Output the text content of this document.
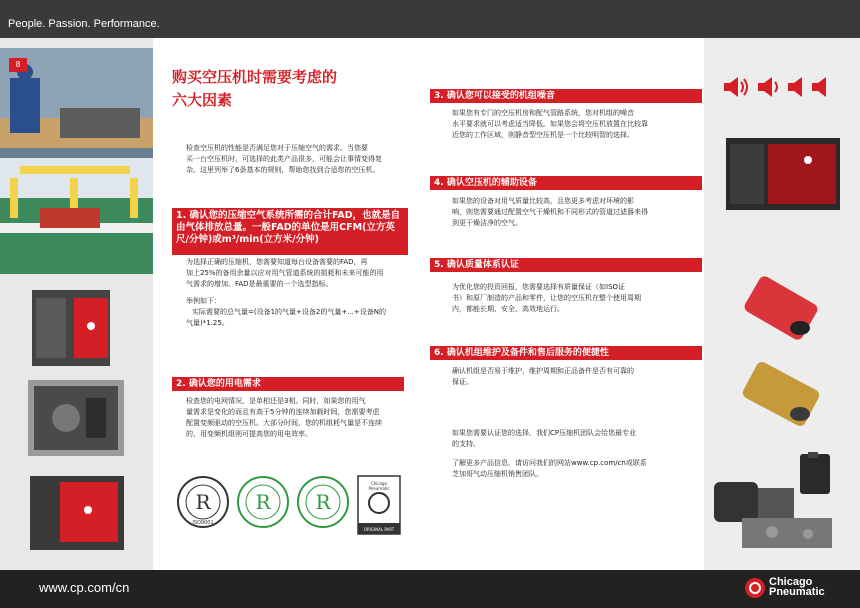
People. Passion. Performance.
8
购买空压机时需要考虑的
六大因素
检查空压机的性能是否满足您对于压缩空气的需求。当您要
买一台空压机时，可选择的此类产品很多，可能会让事情变得复
杂。这里列举了6条基本的规则，帮助您找到合适您的空压机。
1. 确认您的压缩空气系统所需的合计FAD，也就是自
由气体排放总量。一般FAD的单位是用CFM(立方英
尺/分钟)或m³/min(立方米/分钟)
为选择正确的压缩机，您需要知道每台设备需要的FAD，再
加上25%的备用余量以应对用气管道系统的损耗和未来可能的用
气需求的增加。FAD是最重要的一个选型指标。
举例如下：
实际需要的总气量=(设备1的气量+设备2的气量+...+设备N的
气量)*1.25。
2. 确认您的用电需求
检查您的电网情况，是单相还是3相。同时，如果您的用气
量需求是变化的而且有高于5分钟的连续加载时间，您需要考虑
配置变频驱动的空压机。大部分时间，您的机组耗气量是不连续
的，用变频机组则可提高您的用电效率。
R
ISO9001
R R
Chicago
Pneumatic
ORIGINAL PART
3. 确认您可以接受的机组噪音
如果您有专门的空压机房和配气管路系统，您对机组的噪音
水平要求就可以考虑适当降低。如果您会将空压机放置在比较靠
近您的工作区域，则静音型空压机是一个比较明智的选择。
4. 确认空压机的辅助设备
如果您的设备对用气质量比较高，且您更多考虑对环境的影
响，则您需要通过配置空气干燥机和不同形式的管道过滤器来得
到更干燥洁净的空气。
5. 确认质量体系认证
为优化您的投资回报，您需要选择有质量保证（如ISO证
书）和原厂制造的产品和零件，让您的空压机在整个使用周期
内，都能长期、安全、高效地运行。
6. 确认机组维护及备件和售后服务的便捷性
确认机组是否易于维护，维护周期和正品备件是否有可靠的
保证。
如果您需要认证您的选择，我们CP压缩机团队会给您最专业
的支持。
了解更多产品信息，请访问我们的网站www.cp.com/cn或联系
芝加哥气动压缩机销售团队。
www.cp.com/cn	Chicago
Pneumatic
